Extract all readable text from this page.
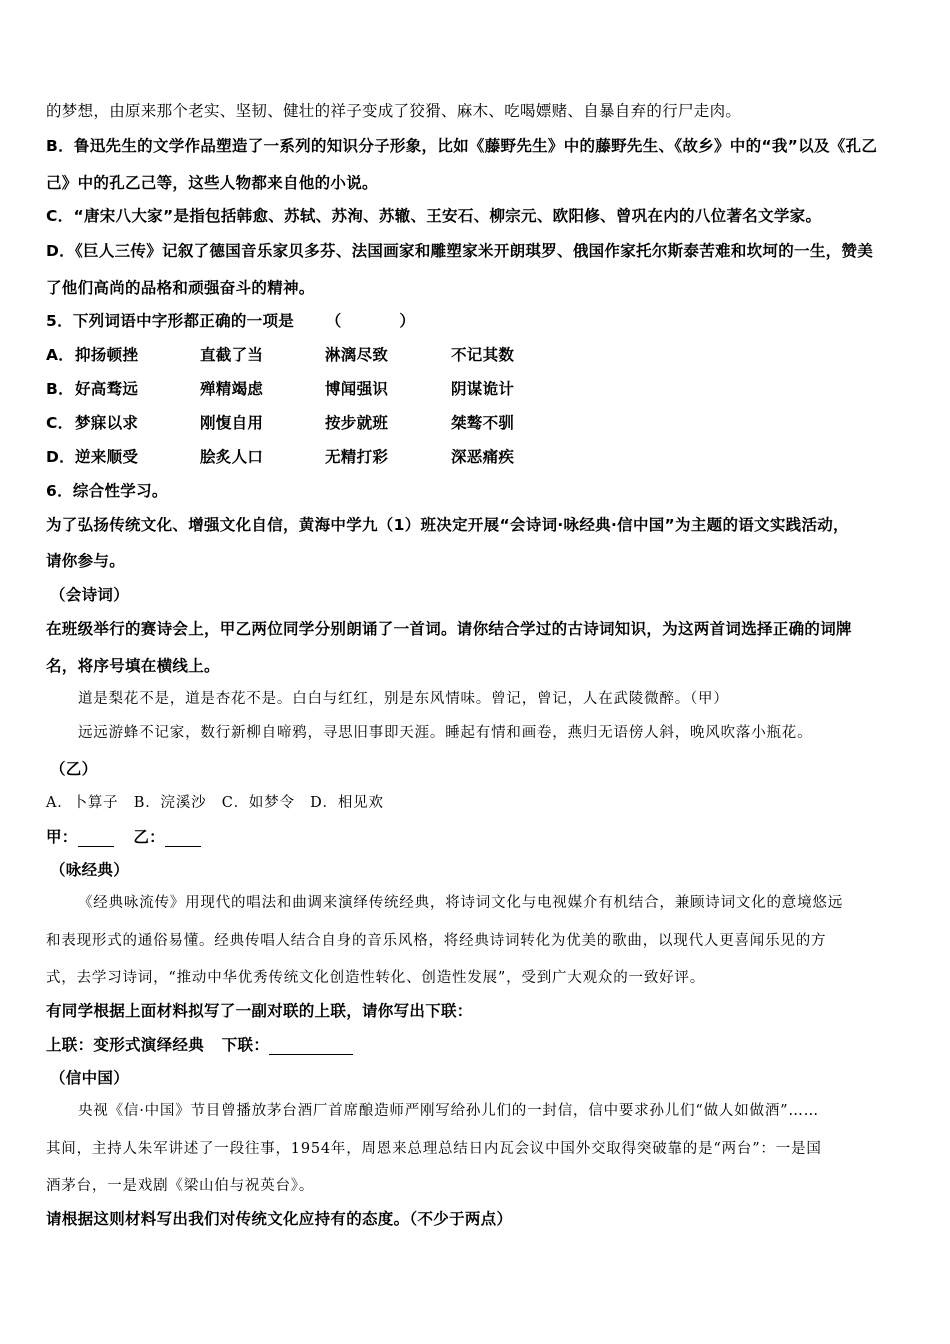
的梦想，由原来那个老实、坚韧、健壮的祥子变成了狡猾、麻木、吃喝嫖赌、自暴自弃的行尸走肉。

B．鲁迅先生的文学作品塑造了一系列的知识分子形象，比如《藤野先生》中的藤野先生、《故乡》中的“我”以及《孔乙

己》中的孔乙己等，这些人物都来自他的小说。

C．“唐宋八大家”是指包括韩愈、苏轼、苏洵、苏辙、王安石、柳宗元、欧阳修、曾巩在内的八位著名文学家。

D．《巨人三传》记叙了德国音乐家贝多芬、法国画家和雕塑家米开朗琪罗、俄国作家托尔斯泰苦难和坎坷的一生，赞美

了他们高尚的品格和顽强奋斗的精神。

5．下列词语中字形都正确的一项是 （	）

A． 抑扬顿挫	直截了当	淋漓尽致	不记其数
B． 好高骛远	殚精竭虑	博闻强识	阴谋诡计
C． 梦寐以求	刚愎自用	按步就班	桀骜不驯
D． 逆来顺受	脍炙人口	无精打彩	深恶痛疾

6．综合性学习。

为了弘扬传统文化、增强文化自信，黄海中学九（1）班决定开展“会诗词·咏经典·信中国”为主题的语文实践活动，

请你参与。

（会诗词）

在班级举行的赛诗会上，甲乙两位同学分别朗诵了一首词。请你结合学过的古诗词知识，为这两首词选择正确的词牌

名，将序号填在横线上。

道是梨花不是，道是杏花不是。白白与红红，别是东风情味。曾记，曾记，人在武陵微醉。（甲）

远远游蜂不记家，数行新柳自啼鸦，寻思旧事即天涯。睡起有情和画卷，燕归无语傍人斜，晚风吹落小瓶花。

（乙）

A．卜算子　B．浣溪沙　C．如梦令　D．相见欢

甲：	乙：

（咏经典）

《经典咏流传》用现代的唱法和曲调来演绎传统经典，将诗词文化与电视媒介有机结合，兼顾诗词文化的意境悠远

和表现形式的通俗易懂。经典传唱人结合自身的音乐风格，将经典诗词转化为优美的歌曲，以现代人更喜闻乐见的方

式，去学习诗词，“推动中华优秀传统文化创造性转化、创造性发展”，受到广大观众的一致好评。

有同学根据上面材料拟写了一副对联的上联，请你写出下联：

上联：变形式演绎经典 下联：

（信中国）

央视《信·中国》节目曾播放茅台酒厂首席酿造师严刚写给孙儿们的一封信，信中要求孙儿们“做人如做酒”……

其间，主持人朱军讲述了一段往事，1954年，周恩来总理总结日内瓦会议中国外交取得突破靠的是“两台”：一是国

酒茅台，一是戏剧《梁山伯与祝英台》。

请根据这则材料写出我们对传统文化应持有的态度。（不少于两点）
